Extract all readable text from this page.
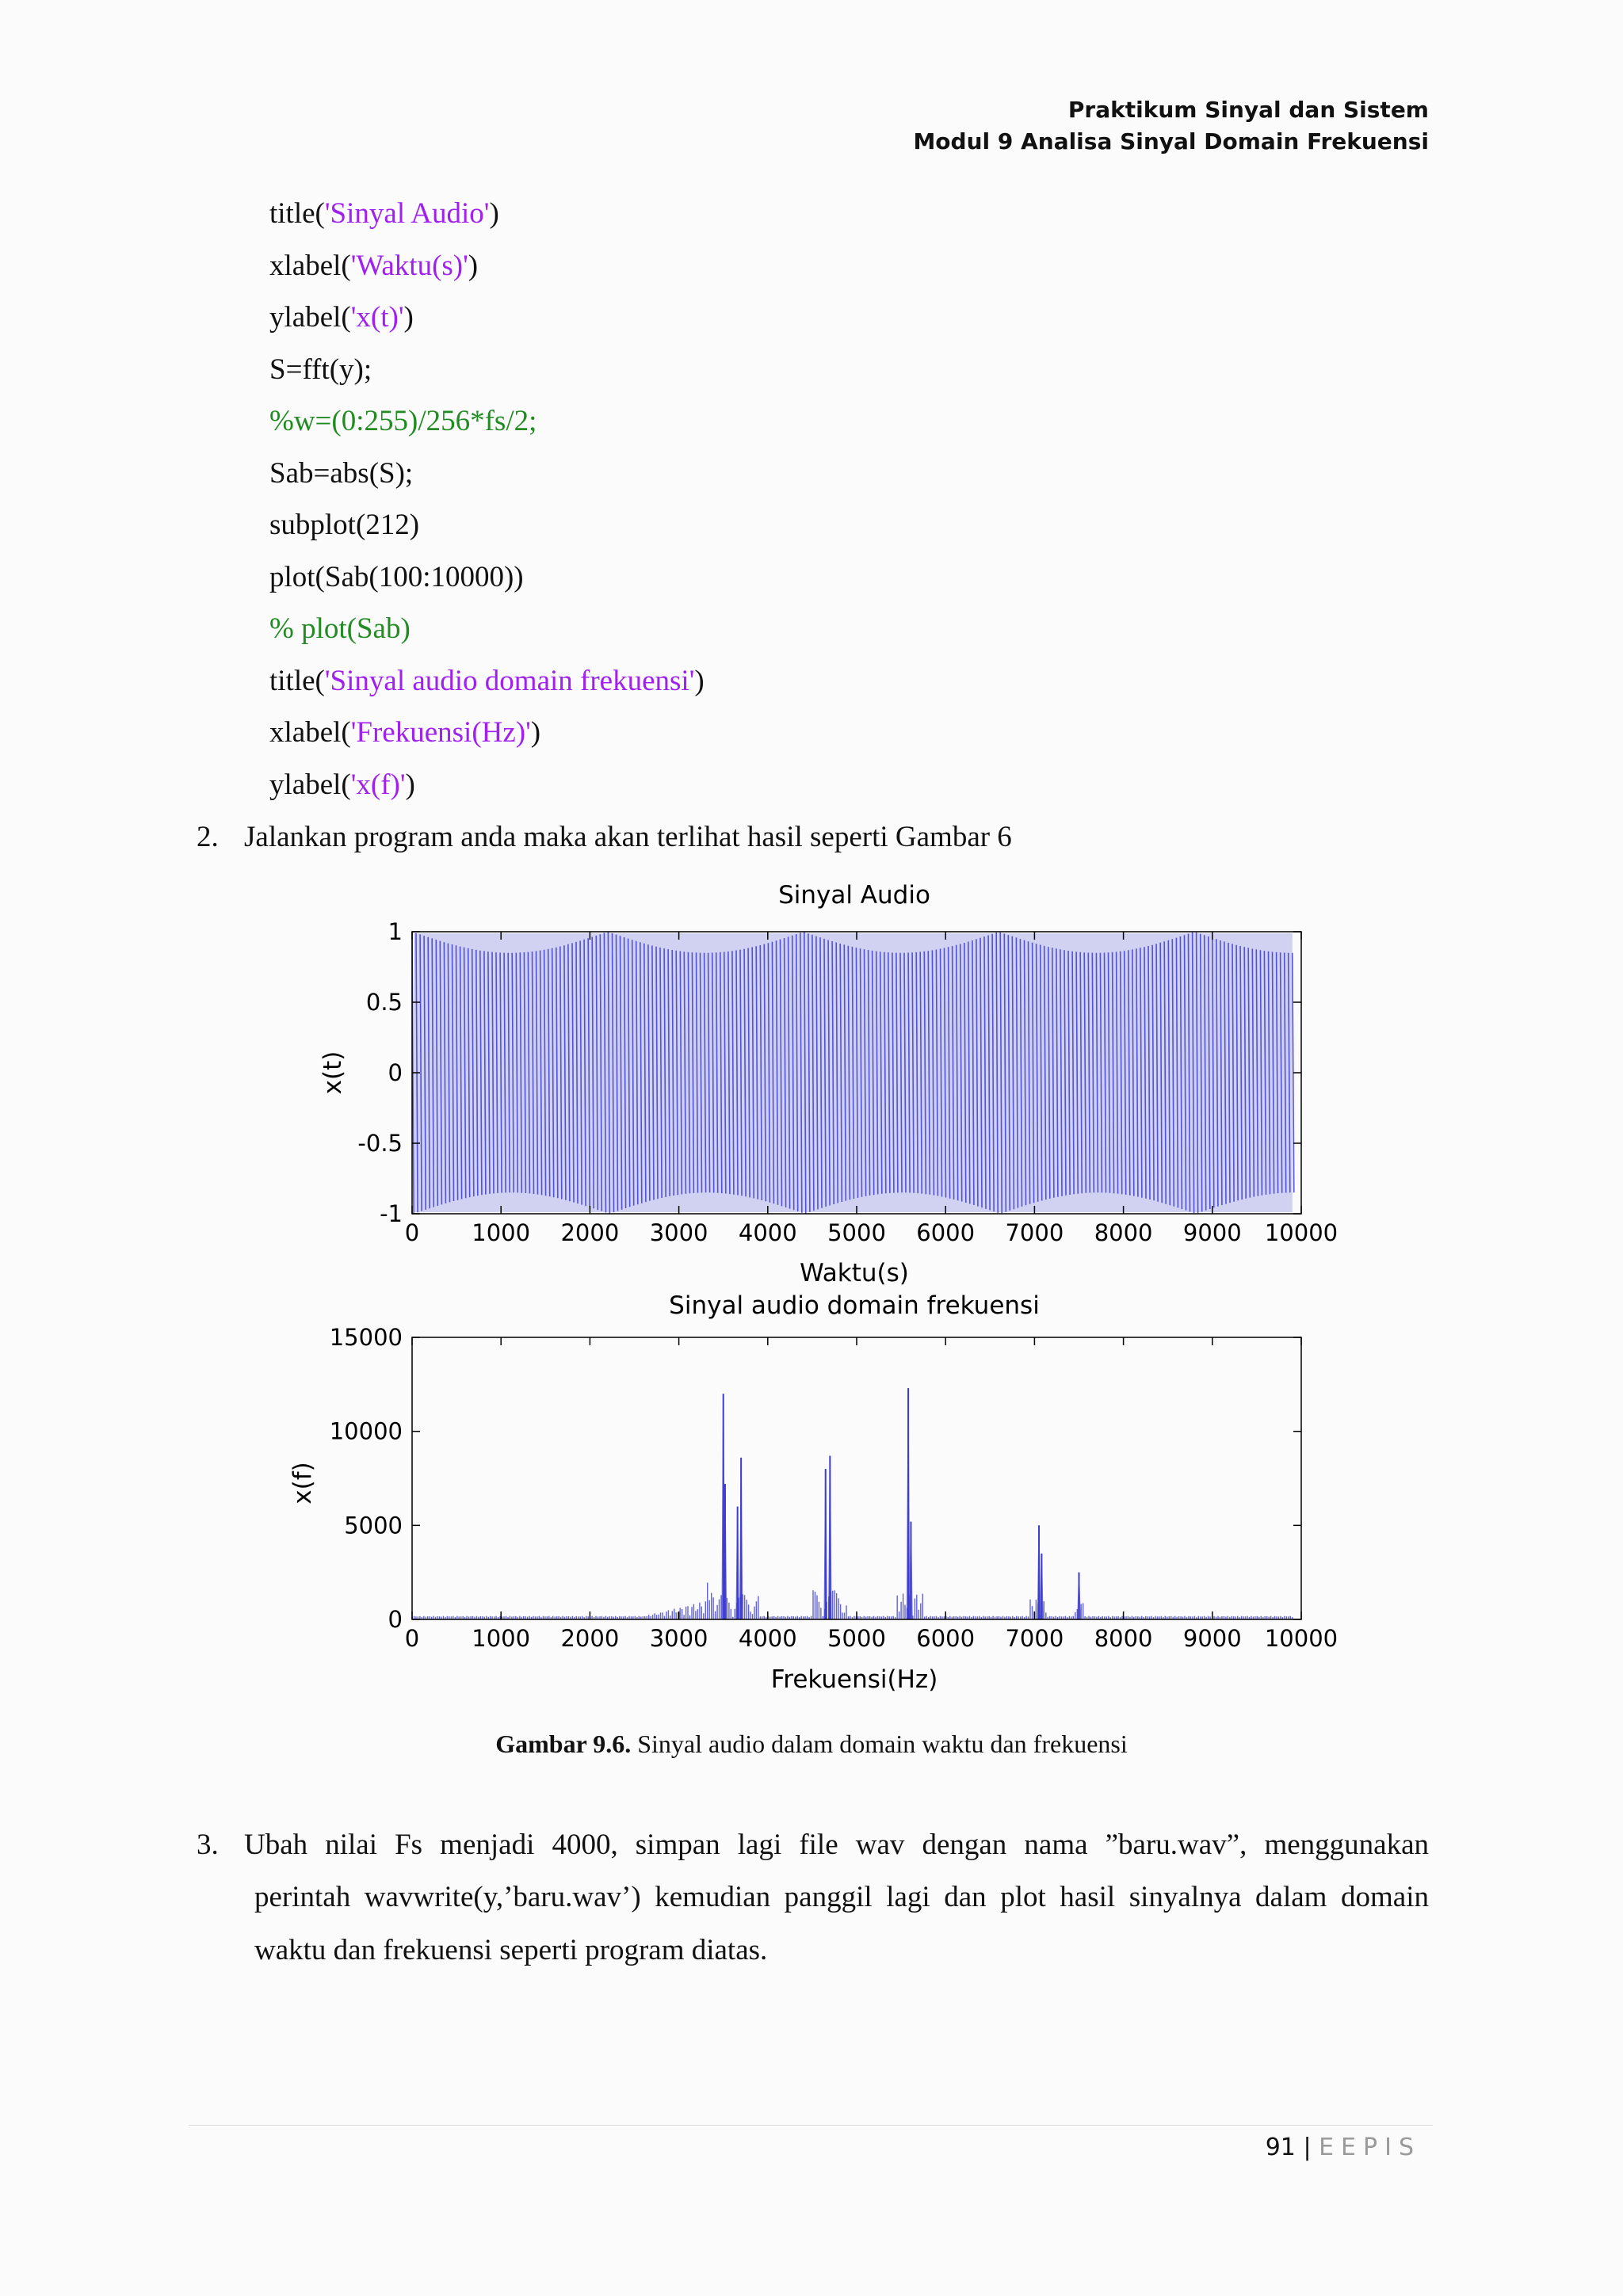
Praktikum Sinyal dan Sistem
Modul 9 Analisa Sinyal Domain Frekuensi
title('Sinyal Audio')
xlabel('Waktu(s)')
ylabel('x(t)')
S=fft(y);
%w=(0:255)/256*fs/2;
Sab=abs(S);
subplot(212)
plot(Sab(100:10000))
% plot(Sab)
title('Sinyal audio domain frekuensi')
xlabel('Frekuensi(Hz)')
ylabel('x(f)')
2. Jalankan program anda maka akan terlihat hasil seperti Gambar 6
Sinyal Audio
0 1000 2000 3000 4000 5000 6000 7000 8000 9000 10000
-1
-0.5
0
0.5
1
Waktu(s)
x(t)
Sinyal audio domain frekuensi
0 1000 2000 3000 4000 5000 6000 7000 8000 9000 10000
0
5000
10000
15000
Frekuensi(Hz)
x(f)
Gambar 9.6. Sinyal audio dalam domain waktu dan frekuensi
3. Ubah nilai Fs menjadi 4000, simpan lagi file wav dengan nama ”baru.wav”, menggunakan
perintah wavwrite(y,’baru.wav’) kemudian panggil lagi dan plot hasil sinyalnya dalam domain
waktu dan frekuensi seperti program diatas.
91 | EEPIS
